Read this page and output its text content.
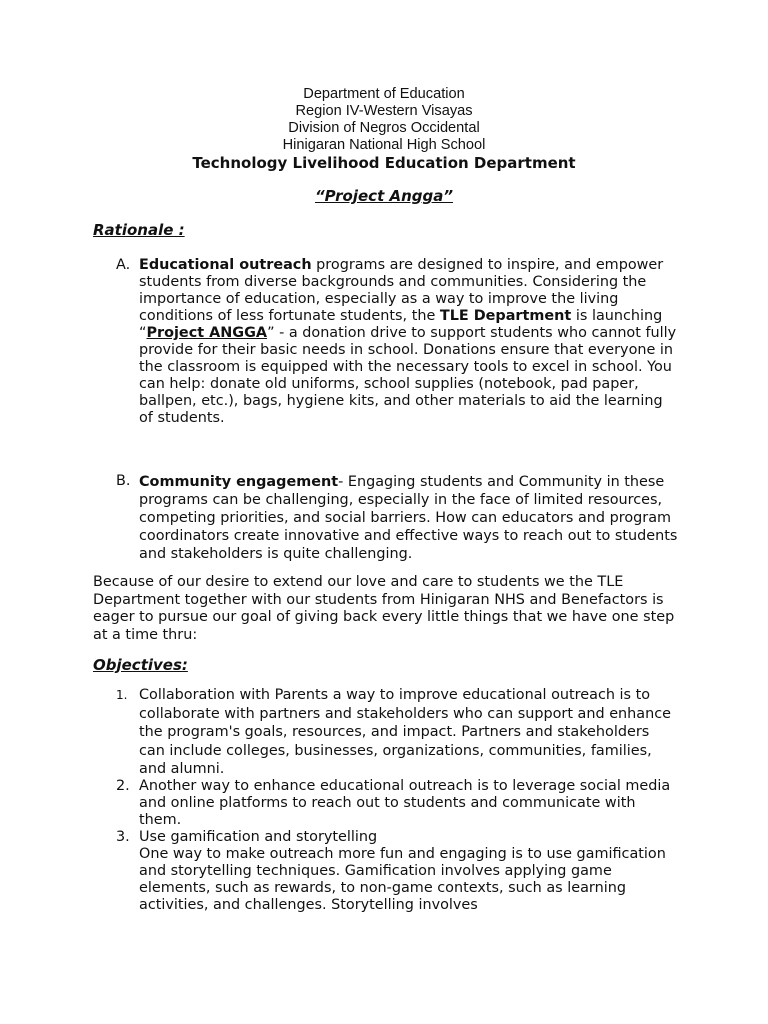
Department of Education
Region IV-Western Visayas
Division of Negros Occidental
Hinigaran National High School
Technology Livelihood Education Department
“Project Angga”
Rationale :
A. Educational outreach programs are designed to inspire, and empower students from diverse backgrounds and communities. Considering the importance of education, especially as a way to improve the living conditions of less fortunate students, the TLE Department is launching “Project ANGGA” - a donation drive to support students who cannot fully provide for their basic needs in school. Donations ensure that everyone in the classroom is equipped with the necessary tools to excel in school. You can help: donate old uniforms, school supplies (notebook, pad paper, ballpen, etc.), bags, hygiene kits, and other materials to aid the learning of students.
B. Community engagement- Engaging students and Community in these programs can be challenging, especially in the face of limited resources, competing priorities, and social barriers. How can educators and program coordinators create innovative and effective ways to reach out to students and stakeholders is quite challenging.
Because of our desire to extend our love and care to students we the TLE Department together with our students from Hinigaran NHS and Benefactors is eager to pursue our goal of giving back every little things that we have one step at a time thru:
Objectives:
1. Collaboration with Parents a way to improve educational outreach is to collaborate with partners and stakeholders who can support and enhance the program's goals, resources, and impact. Partners and stakeholders can include colleges, businesses, organizations, communities, families, and alumni.
2. Another way to enhance educational outreach is to leverage social media and online platforms to reach out to students and communicate with them.
3. Use gamification and storytelling
One way to make outreach more fun and engaging is to use gamification and storytelling techniques. Gamification involves applying game elements, such as rewards, to non-game contexts, such as learning activities, and challenges. Storytelling involves
